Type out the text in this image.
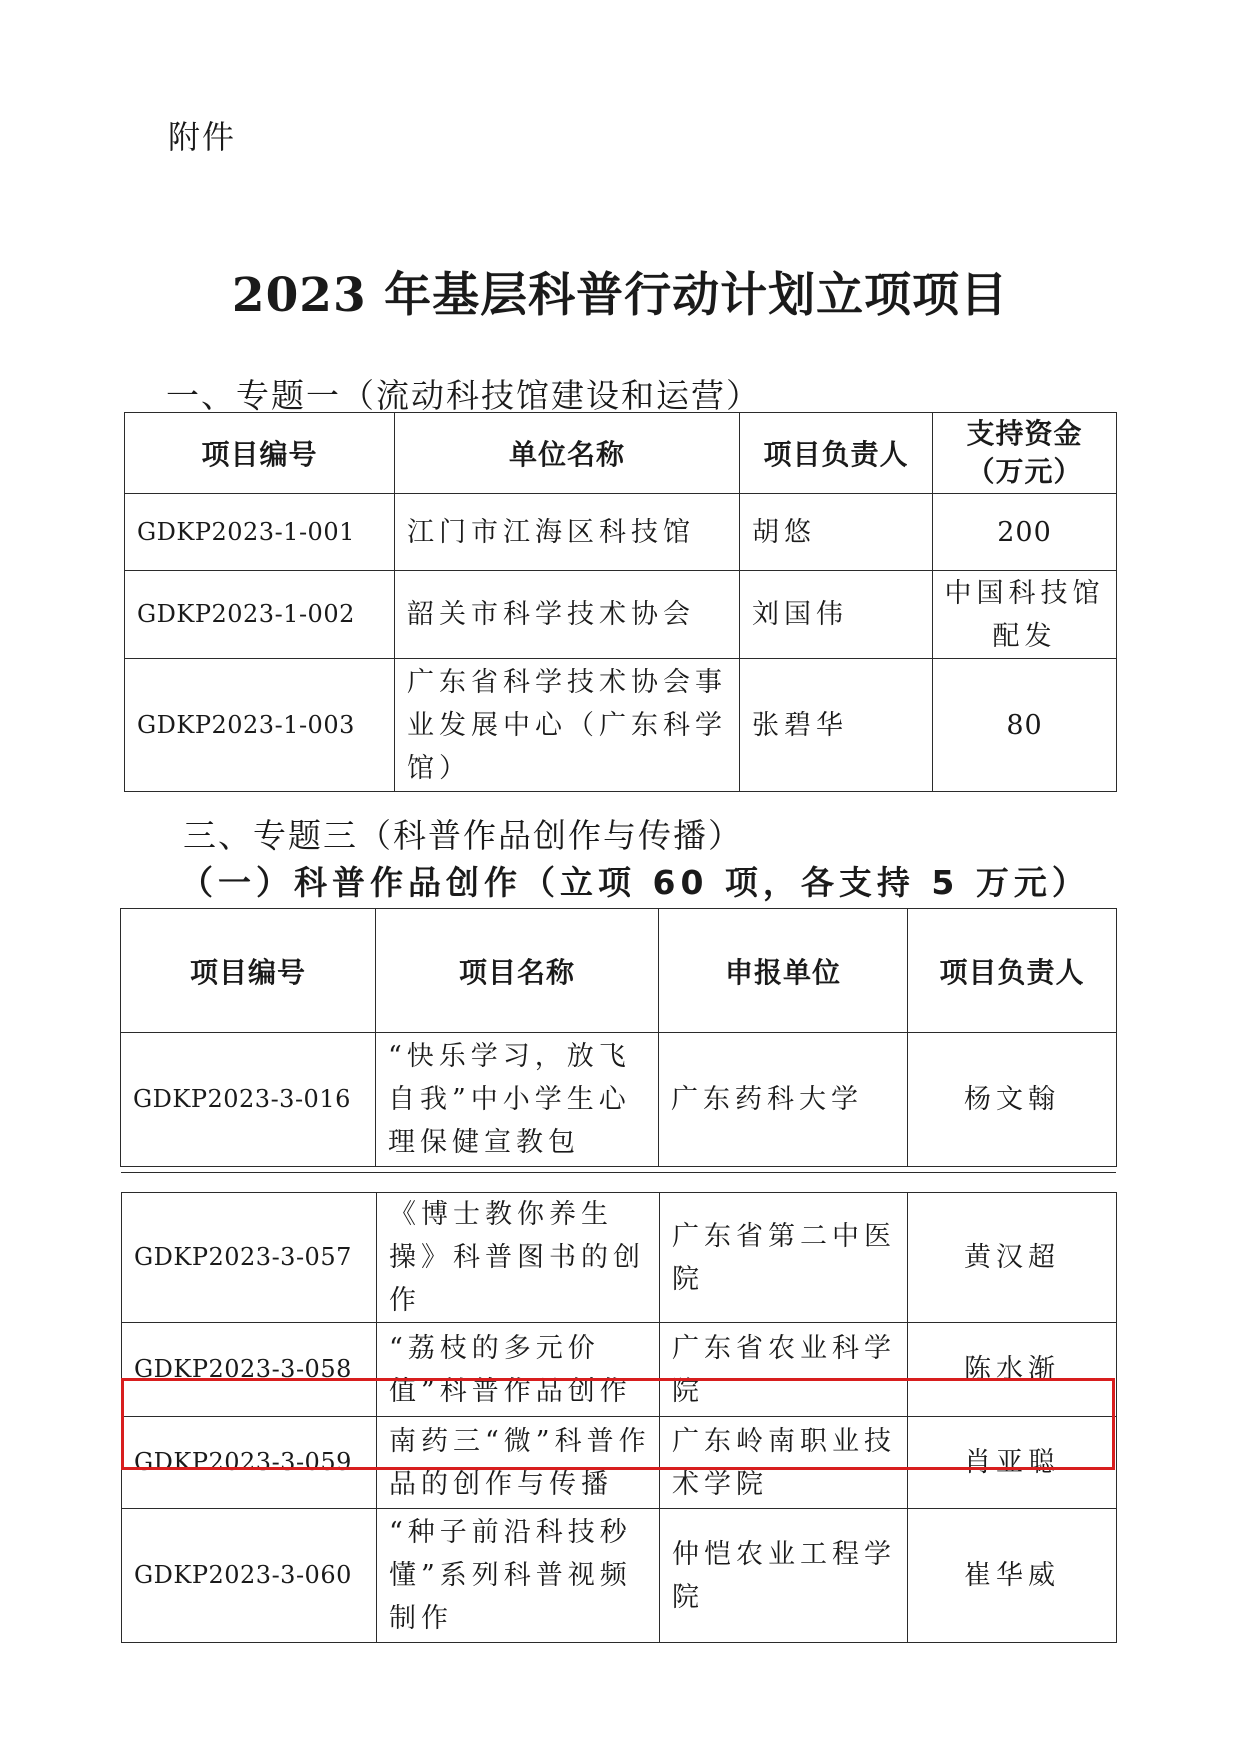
附件
2023 年基层科普行动计划立项项目
一、专题一（流动科技馆建设和运营）
项目编号	单位名称	项目负责人	支持资金
（万元）
GDKP2023-1-001	江门市江海区科技馆	胡悠	200
GDKP2023-1-002	韶关市科学技术协会	刘国伟	中国科技馆配发
GDKP2023-1-003	广东省科学技术协会事业发展中心（广东科学馆）	张碧华	80
三、专题三（科普作品创作与传播）
（一）科普作品创作（立项 60 项，各支持 5 万元）
项目编号	项目名称	申报单位	项目负责人
GDKP2023-3-016	“快乐学习，放飞自我”中小学生心理保健宣教包	广东药科大学	杨文翰
GDKP2023-3-057	《博士教你养生操》科普图书的创作	广东省第二中医院	黄汉超
GDKP2023-3-058	“荔枝的多元价值”科普作品创作	广东省农业科学院	陈水渐
GDKP2023-3-059	南药三“微”科普作品的创作与传播	广东岭南职业技术学院	肖亚聪
GDKP2023-3-060	“种子前沿科技秒懂”系列科普视频制作	仲恺农业工程学院	崔华威
